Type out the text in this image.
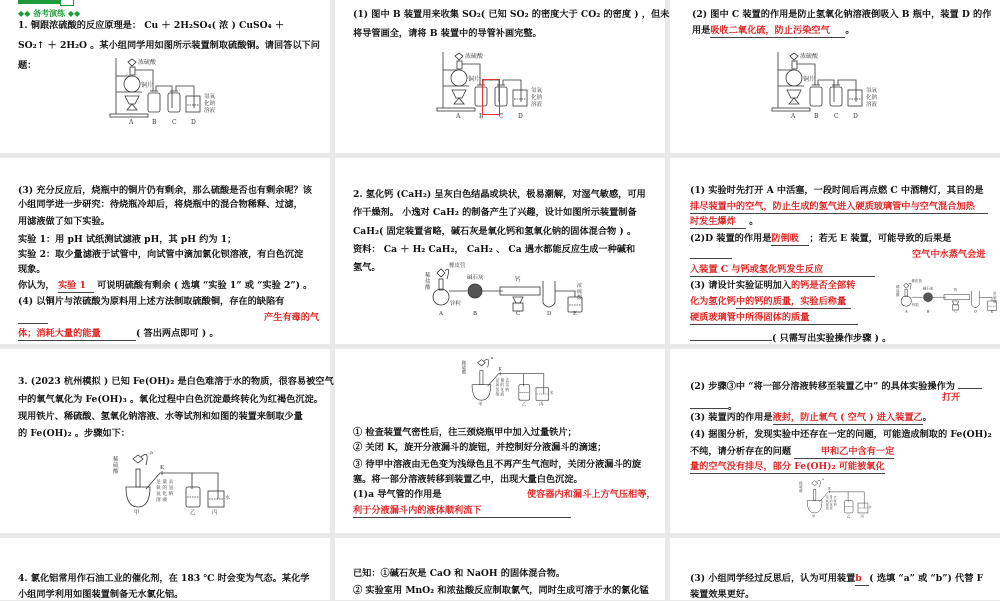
◆◆ 备考演练 ◆◆
1. 铜跟浓硫酸的反应原理是： Cu ＋ 2H₂SO₄( 浓 ) CuSO₄ ＋
SO₂↑ ＋ 2H₂O 。某小组同学用如图所示装置制取硫酸铜。请回答以下问
题：	浓硫酸
铜片
氢氧
化钠
溶液
A	B	C D
(1) 图中 B 装置用来收集 SO₂( 已知 SO₂ 的密度大于 CO₂ 的密度 ) ，但未
将导管画全，请将 B 装置中的导管补画完整。
浓硫酸
铜片
氢氧
化钠
溶液
A	B	C D
(2) 图中 C 装置的作用是防止氢氧化钠溶液倒吸入 B 瓶中，装置 D 的作
用是吸收二氧化硫，防止污染空气 。
浓硫酸
铜片
氢氧
化钠
溶液
A	B	C D
(3) 充分反应后，烧瓶中的铜片仍有剩余，那么硫酸是否也有剩余呢？该
小组同学进一步研究：待烧瓶冷却后，将烧瓶中的混合物稀释、过滤，
用滤液做了如下实验。
实验 1：用 pH 试纸测试滤液 pH，其 pH 约为 1；
实验 2：取少量滤液于试管中，向试管中滴加氯化钡溶液，有白色沉淀
现象。
你认为， 实验 1 可说明硫酸有剩余 ( 选填 “实验 1” 或 “实验 2”) 。
(4) 以铜片与浓硫酸为原料用上述方法制取硫酸铜，存在的缺陷有
产生有毒的气
体；消耗大量的能量	( 答出两点即可 ) 。
2. 氢化钙 (CaH₂) 呈灰白色结晶或块状，极易潮解，对湿气敏感，可用
作干燥剂。 小逸对 CaH₂ 的制备产生了兴趣，设计如图所示装置制备
CaH₂( 固定装置省略，碱石灰是氧化钙和氢氧化钠的固体混合物 ) 。
资料： Ca ＋ H₂ CaH₂， CaH₂ 、 Ca 遇水都能反应生成一种碱和
氢气。
稀
盐
酸
橡皮管
碱石灰	钙
锌粒
浓
硫
酸
A	B	C	D	E
(1) 实验时先打开 A 中活塞，一段时间后再点燃 C 中酒精灯，其目的是
排尽装置中的空气，防止生成的氢气进入硬质玻璃管中与空气混合加热
时发生爆炸 。
(2)D 装置的作用是防倒吸 ；若无 E 装置，可能导致的后果是
空气中水蒸气会进
入装置 C 与钙或氢化钙发生反应
(3) 请设计实验证明加入的钙是否全部转
化为氢化钙中的钙的质量，实验后称量
硬质玻璃管中所得固体的质量
( 只需写出实验操作步骤 ) 。
稀
盐
酸
橡皮管
碱石灰	钙
锌粒
浓
硫
酸
A	B	C	D	E
3. (2023 杭州模拟 ) 已知 Fe(OH)₂ 是白色难溶于水的物质，很容易被空气
中的氧气氧化为 Fe(OH)₃ 。氧化过程中白色沉淀最终转化为红褐色沉淀。
现用铁片、稀硫酸、氢氧化钠溶液、水等试剂和如图的装置来制取少量
的 Fe(OH)₂ 。步骤如下：
稀
硫
酸
a
K
足 量 去
氧 的 氢
氢 化 钠
溶 液	水
甲	乙	丙
稀
硫
酸
a
K
足 量 去
氧 的 氢
氢 化 钠
溶 液	水
甲	乙 丙
① 检查装置气密性后，往三颈烧瓶甲中加入过量铁片；
② 关闭 K，旋开分液漏斗的旋钮，并控制好分液漏斗的滴速；
③ 待甲中溶液由无色变为浅绿色且不再产生气泡时，关闭分液漏斗的旋
塞。将一部分溶液转移到装置乙中，出现大量白色沉淀。
(1)a 导气管的作用是	使容器内和漏斗上方气压相等，
利于分液漏斗内的液体顺利流下
(2) 步骤③中 “将一部分溶液转移至装置乙中” 的具体实验操作为
打开
。
(3) 装置丙的作用是液封，防止氧气 ( 空气 ) 进入装置乙。
(4) 据图分析，发现实验中还存在一定的问题，可能造成制取的 Fe(OH)₂
不纯，请分析存在的问题	甲和乙中含有一定
量的空气没有排尽，部分 Fe(OH)₂ 可能被氧化
稀
硫
酸
a
K
足 量 去
氧 的 氢
氢 化 钠
溶 液	水
甲	乙 丙
4. 氯化铝常用作石油工业的催化剂，在 183 ℃ 时会变为气态。某化学
小组同学利用如图装置制备无水氯化铝。
已知：①碱石灰是 CaO 和 NaOH 的固体混合物。
② 实验室用 MnO₂ 和浓盐酸反应制取氯气，同时生成可溶于水的氯化锰
(3) 小组同学经过反思后，认为可用装置b ( 选填 “a” 或 “b”) 代替 F
装置效果更好。
